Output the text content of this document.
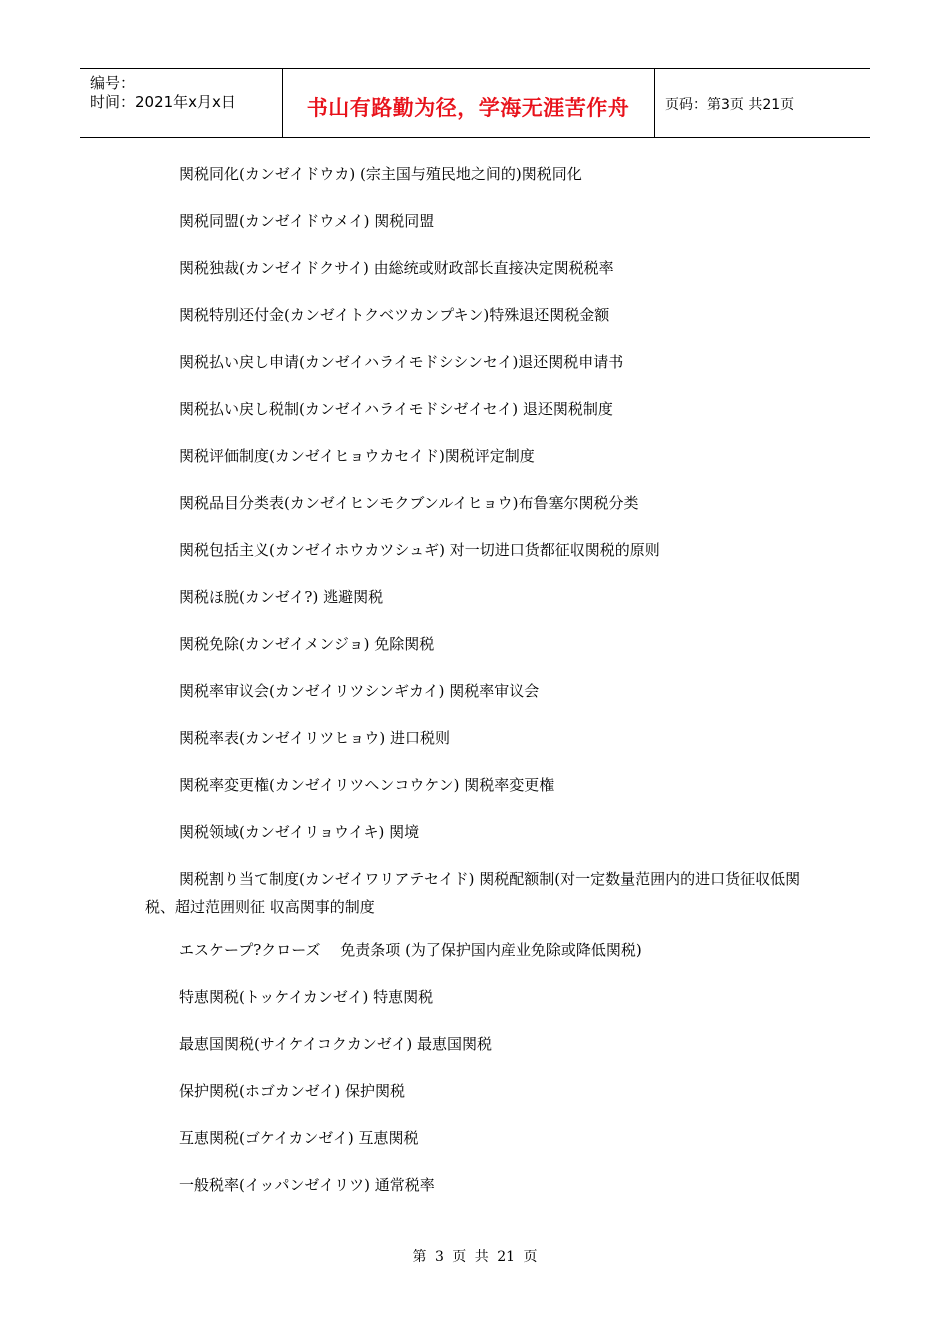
编号：
时间：2021年x月x日	书山有路勤为径，学海无涯苦作舟	页码：第3页 共21页
関税同化(カンゼイドウカ) (宗主国与殖民地之间的)関税同化
関税同盟(カンゼイドウメイ) 関税同盟
関税独裁(カンゼイドクサイ) 由総统或财政部长直接决定関税税率
関税特別还付金(カンゼイトクベツカンプキン)特殊退还関税金额
関税払い戻し申请(カンゼイハライモドシシンセイ)退还関税申请书
関税払い戻し税制(カンゼイハライモドシゼイセイ) 退还関税制度
関税评価制度(カンゼイヒョウカセイド)関税评定制度
関税品目分类表(カンゼイヒンモクブンルイヒョウ)布鲁塞尔関税分类
関税包括主义(カンゼイホウカツシュギ) 对一切进口货都征収関税的原则
関税ほ脱(カンゼイ?) 逃避関税
関税免除(カンゼイメンジョ) 免除関税
関税率审议会(カンゼイリツシンギカイ) 関税率审议会
関税率表(カンゼイリツヒョウ) 进口税则
関税率変更権(カンゼイリツヘンコウケン) 関税率変更権
関税领域(カンゼイリョウイキ) 関境
関税割り当て制度(カンゼイワリアテセイド) 関税配额制(对一定数量范囲内的进口货征収低関税、超过范囲则征 収高関事的制度
エスケープ?クローズ　 免责条项 (为了保护国内産业免除或降低関税)
特恵関税(トッケイカンゼイ) 特恵関税
最恵国関税(サイケイコクカンゼイ) 最恵国関税
保护関税(ホゴカンゼイ) 保护関税
互恵関税(ゴケイカンゼイ) 互恵関税
一般税率(イッパンゼイリツ) 通常税率
第 3 页 共 21 页
